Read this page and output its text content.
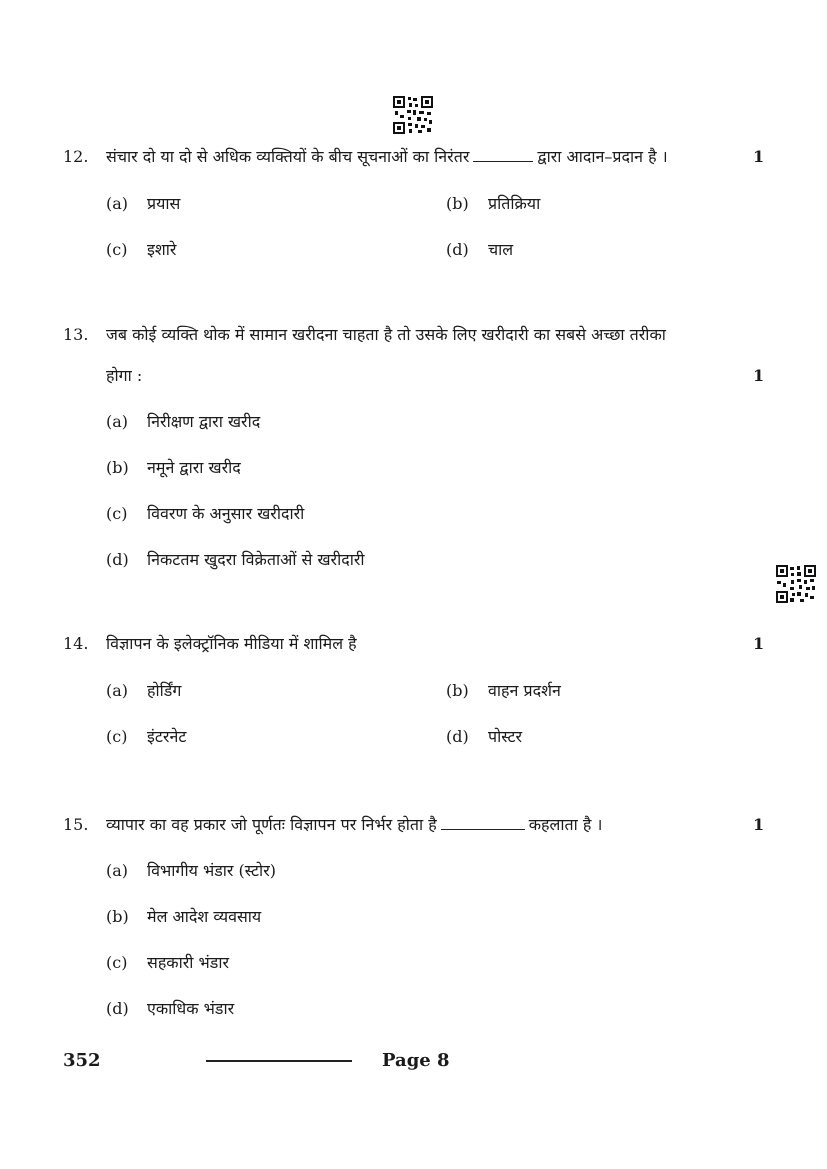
12. संचार दो या दो से अधिक व्यक्तियों के बीच सूचनाओं का निरंतर	द्वारा आदान–प्रदान है ।	1
(a) प्रयास	(b) प्रतिक्रिया
(c) इशारे	(d) चाल
13. जब कोई व्यक्ति थोक में सामान खरीदना चाहता है तो उसके लिए खरीदारी का सबसे अच्छा तरीका
होगा :	1
(a) निरीक्षण द्वारा खरीद
(b) नमूने द्वारा खरीद
(c) विवरण के अनुसार खरीदारी
(d) निकटतम खुदरा विक्रेताओं से खरीदारी
14. विज्ञापन के इलेक्ट्रॉनिक मीडिया में शामिल है	1
(a) होर्डिंग	(b) वाहन प्रदर्शन
(c) इंटरनेट	(d) पोस्टर
15. व्यापार का वह प्रकार जो पूर्णतः विज्ञापन पर निर्भर होता है	कहलाता है ।	1
(a) विभागीय भंडार (स्टोर)
(b) मेल आदेश व्यवसाय
(c) सहकारी भंडार
(d) एकाधिक भंडार
352	Page 8
